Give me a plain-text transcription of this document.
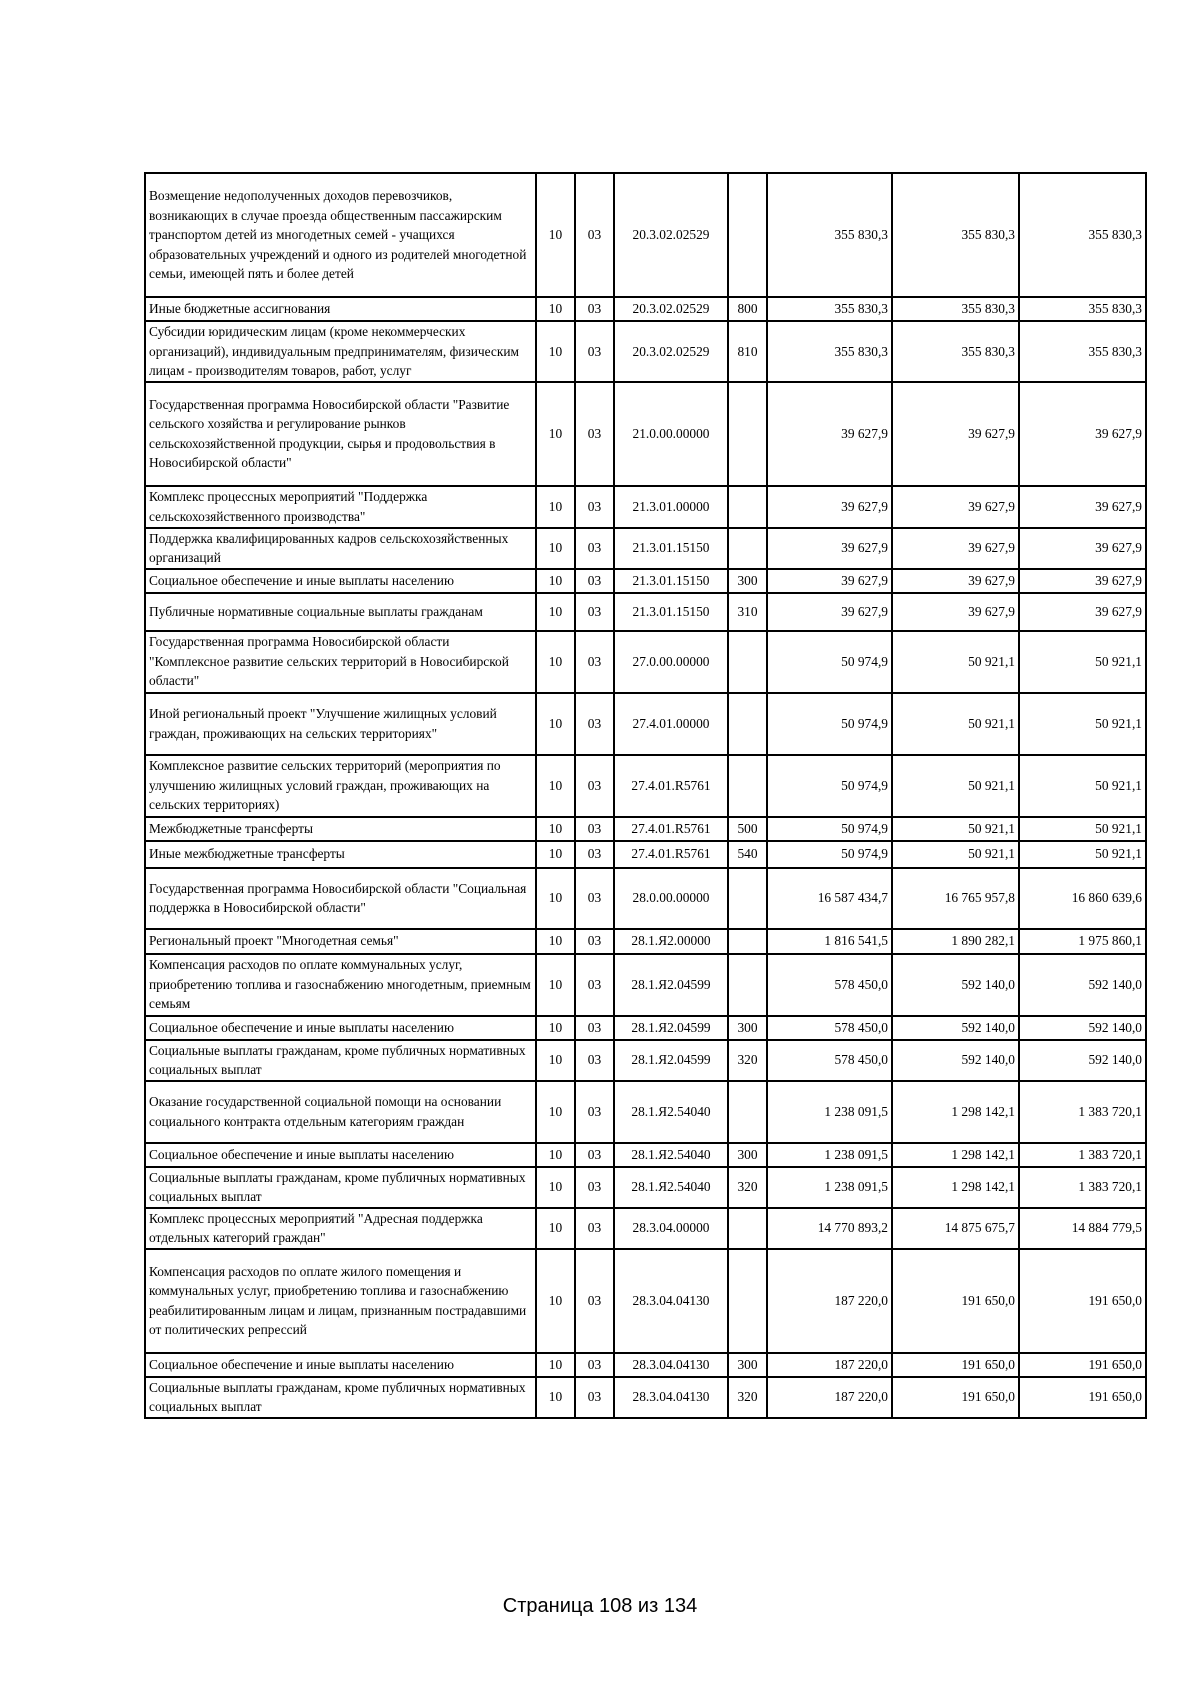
Возмещение недополученных доходов перевозчиков, возникающих в случае проезда общественным пассажирским транспортом детей из многодетных семей - учащихся образовательных учреждений и одного из родителей многодетной семьи, имеющей пять и более детей	10	03	20.3.02.02529		355 830,3	355 830,3	355 830,3
Иные бюджетные ассигнования	10	03	20.3.02.02529	800	355 830,3	355 830,3	355 830,3
Субсидии юридическим лицам (кроме некоммерческих организаций), индивидуальным предпринимателям, физическим лицам - производителям товаров, работ, услуг	10	03	20.3.02.02529	810	355 830,3	355 830,3	355 830,3
Государственная программа Новосибирской области "Развитие сельского хозяйства и регулирование рынков сельскохозяйственной продукции, сырья и продовольствия в Новосибирской области"	10	03	21.0.00.00000		39 627,9	39 627,9	39 627,9
Комплекс процессных мероприятий "Поддержка сельскохозяйственного производства"	10	03	21.3.01.00000		39 627,9	39 627,9	39 627,9
Поддержка квалифицированных кадров сельскохозяйственных организаций	10	03	21.3.01.15150		39 627,9	39 627,9	39 627,9
Социальное обеспечение и иные выплаты населению	10	03	21.3.01.15150	300	39 627,9	39 627,9	39 627,9
Публичные нормативные социальные выплаты гражданам	10	03	21.3.01.15150	310	39 627,9	39 627,9	39 627,9
Государственная программа Новосибирской области "Комплексное развитие сельских территорий в Новосибирской области"	10	03	27.0.00.00000		50 974,9	50 921,1	50 921,1
Иной региональный проект "Улучшение жилищных условий граждан, проживающих на сельских территориях"	10	03	27.4.01.00000		50 974,9	50 921,1	50 921,1
Комплексное развитие сельских территорий (мероприятия по улучшению жилищных условий граждан, проживающих на сельских территориях)	10	03	27.4.01.R5761		50 974,9	50 921,1	50 921,1
Межбюджетные трансферты	10	03	27.4.01.R5761	500	50 974,9	50 921,1	50 921,1
Иные межбюджетные трансферты	10	03	27.4.01.R5761	540	50 974,9	50 921,1	50 921,1
Государственная программа Новосибирской области "Социальная поддержка в Новосибирской области"	10	03	28.0.00.00000		16 587 434,7	16 765 957,8	16 860 639,6
Региональный проект "Многодетная семья"	10	03	28.1.Я2.00000		1 816 541,5	1 890 282,1	1 975 860,1
Компенсация расходов по оплате коммунальных услуг, приобретению топлива и газоснабжению многодетным, приемным семьям	10	03	28.1.Я2.04599		578 450,0	592 140,0	592 140,0
Социальное обеспечение и иные выплаты населению	10	03	28.1.Я2.04599	300	578 450,0	592 140,0	592 140,0
Социальные выплаты гражданам, кроме публичных нормативных социальных выплат	10	03	28.1.Я2.04599	320	578 450,0	592 140,0	592 140,0
Оказание государственной социальной помощи на основании социального контракта отдельным категориям граждан	10	03	28.1.Я2.54040		1 238 091,5	1 298 142,1	1 383 720,1
Социальное обеспечение и иные выплаты населению	10	03	28.1.Я2.54040	300	1 238 091,5	1 298 142,1	1 383 720,1
Социальные выплаты гражданам, кроме публичных нормативных социальных выплат	10	03	28.1.Я2.54040	320	1 238 091,5	1 298 142,1	1 383 720,1
Комплекс процессных мероприятий "Адресная поддержка отдельных категорий граждан"	10	03	28.3.04.00000		14 770 893,2	14 875 675,7	14 884 779,5
Компенсация расходов по оплате жилого помещения и коммунальных услуг, приобретению топлива и газоснабжению реабилитированным лицам и лицам, признанным пострадавшими от политических репрессий	10	03	28.3.04.04130		187 220,0	191 650,0	191 650,0
Социальное обеспечение и иные выплаты населению	10	03	28.3.04.04130	300	187 220,0	191 650,0	191 650,0
Социальные выплаты гражданам, кроме публичных нормативных социальных выплат	10	03	28.3.04.04130	320	187 220,0	191 650,0	191 650,0
Страница 108 из 134
